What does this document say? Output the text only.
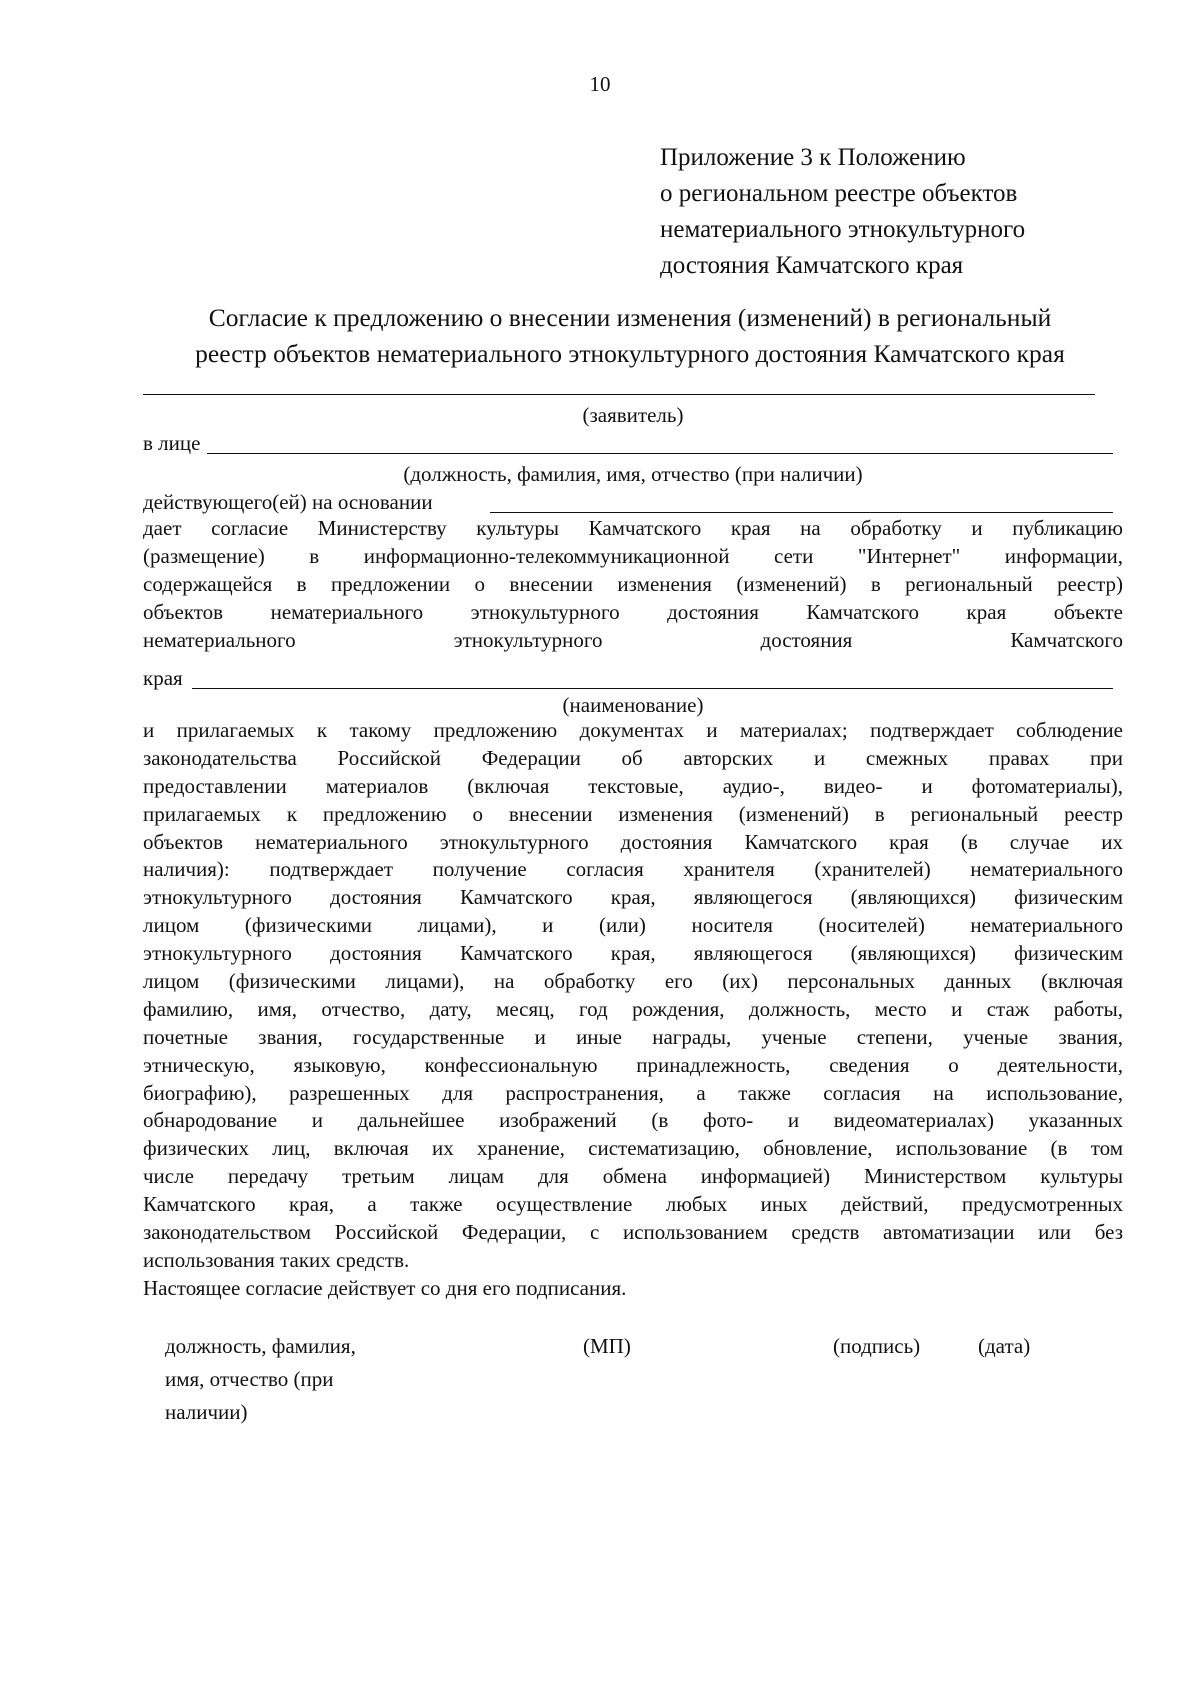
10
Приложение 3 к Положению
о региональном реестре объектов
нематериального этнокультурного
достояния Камчатского края
Согласие к предложению о внесении изменения (изменений) в региональный
реестр объектов нематериального этнокультурного достояния Камчатского края
(заявитель)
в лице
(должность, фамилия, имя, отчество (при наличии)
действующего(ей) на основании
дает согласие Министерству культуры Камчатского края на обработку и публикацию
(размещение) в информационно-телекоммуникационной сети "Интернет" информации,
содержащейся в предложении о внесении изменения (изменений) в региональный реестр)
объектов нематериального этнокультурного достояния Камчатского края объекте
нематериального этнокультурного достояния Камчатского
края
(наименование)
и прилагаемых к такому предложению документах и материалах; подтверждает соблюдение
законодательства Российской Федерации об авторских и смежных правах при
предоставлении материалов (включая текстовые, аудио-, видео- и фотоматериалы),
прилагаемых к предложению о внесении изменения (изменений) в региональный реестр
объектов нематериального этнокультурного достояния Камчатского края (в случае их
наличия): подтверждает получение согласия хранителя (хранителей) нематериального
этнокультурного достояния Камчатского края, являющегося (являющихся) физическим
лицом (физическими лицами), и (или) носителя (носителей) нематериального
этнокультурного достояния Камчатского края, являющегося (являющихся) физическим
лицом (физическими лицами), на обработку его (их) персональных данных (включая
фамилию, имя, отчество, дату, месяц, год рождения, должность, место и стаж работы,
почетные звания, государственные и иные награды, ученые степени, ученые звания,
этническую, языковую, конфессиональную принадлежность, сведения о деятельности,
биографию), разрешенных для распространения, а также согласия на использование,
обнародование и дальнейшее изображений (в фото- и видеоматериалах) указанных
физических лиц, включая их хранение, систематизацию, обновление, использование (в том
числе передачу третьим лицам для обмена информацией) Министерством культуры
Камчатского края, а также осуществление любых иных действий, предусмотренных
законодательством Российской Федерации, с использованием средств автоматизации или без
использования таких средств.
Настоящее согласие действует со дня его подписания.
должность, фамилия,
имя, отчество (при
наличии)
(МП)	(подпись)	(дата)
